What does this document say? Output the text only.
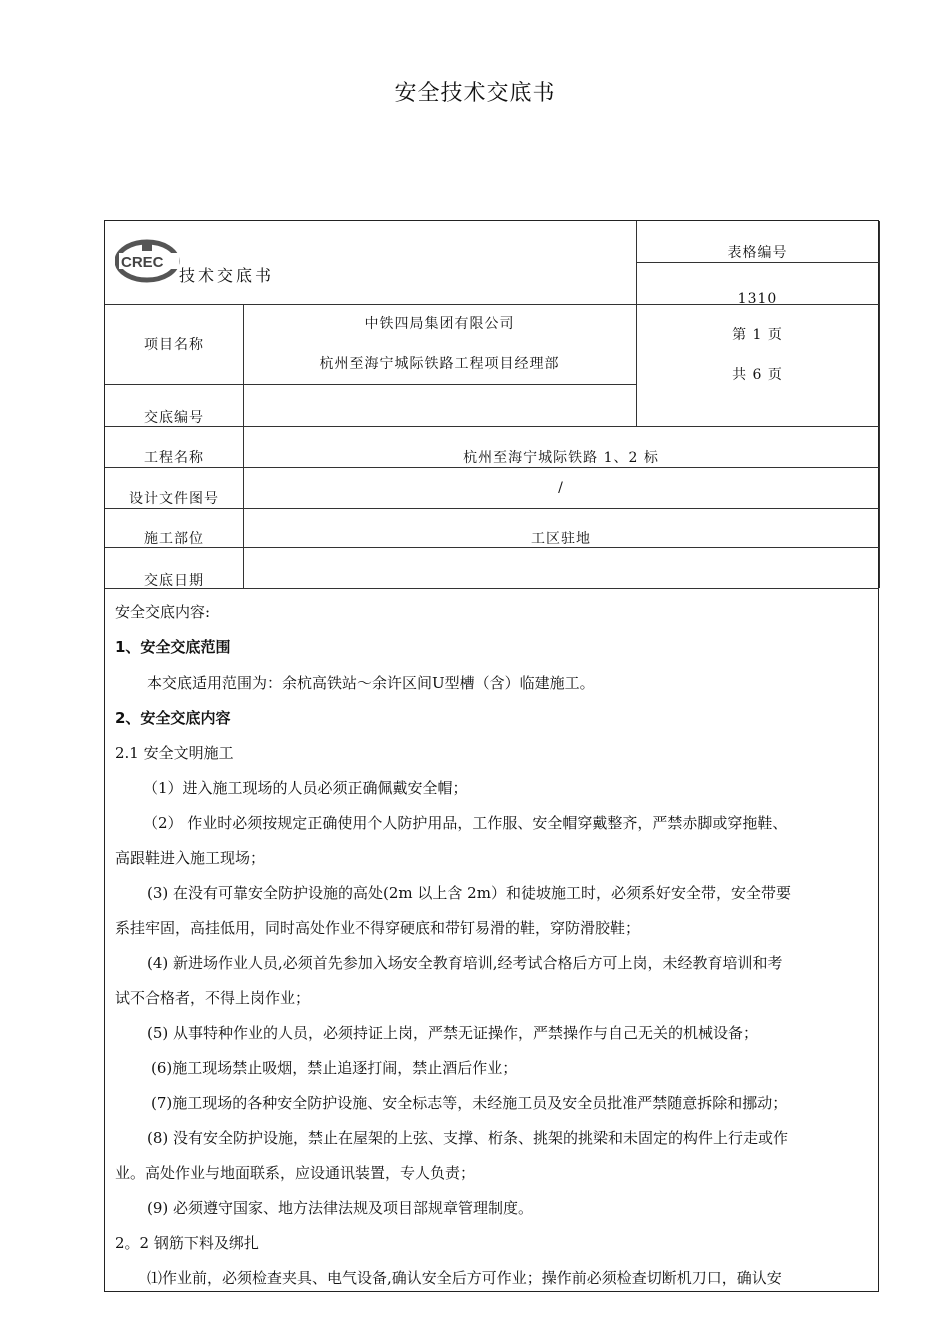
安全技术交底书
CREC
技术交底书
表格编号
1310
项目名称
中铁四局集团有限公司
杭州至海宁城际铁路工程项目经理部
第 1 页
共 6 页
交底编号
工程名称	杭州至海宁城际铁路 1、2 标
设计文件图号
/
施工部位	工区驻地
交底日期
安全交底内容:
1、安全交底范围
本交底适用范围为：余杭高铁站～余许区间U型槽（含）临建施工。
2、安全交底内容
2.1 安全文明施工
（1）进入施工现场的人员必须正确佩戴安全帽；
（2） 作业时必须按规定正确使用个人防护用品，工作服、安全帽穿戴整齐，严禁赤脚或穿拖鞋、
高跟鞋进入施工现场；
(3) 在没有可靠安全防护设施的高处(2m 以上含 2m）和徒坡施工时，必须系好安全带，安全带要
系挂牢固，高挂低用，同时高处作业不得穿硬底和带钉易滑的鞋，穿防滑胶鞋；
(4) 新进场作业人员,必须首先参加入场安全教育培训,经考试合格后方可上岗，未经教育培训和考
试不合格者，不得上岗作业；
(5) 从事特种作业的人员，必须持证上岗，严禁无证操作，严禁操作与自己无关的机械设备；
(6)施工现场禁止吸烟，禁止追逐打闹，禁止酒后作业；
(7)施工现场的各种安全防护设施、安全标志等，未经施工员及安全员批准严禁随意拆除和挪动；
(8) 没有安全防护设施，禁止在屋架的上弦、支撑、桁条、挑架的挑梁和未固定的构件上行走或作
业。高处作业与地面联系，应设通讯装置，专人负责；
(9) 必须遵守国家、地方法律法规及项目部规章管理制度。
2。2 钢筋下料及绑扎
⑴作业前，必须检查夹具、电气设备,确认安全后方可作业；操作前必须检查切断机刀口，确认安
